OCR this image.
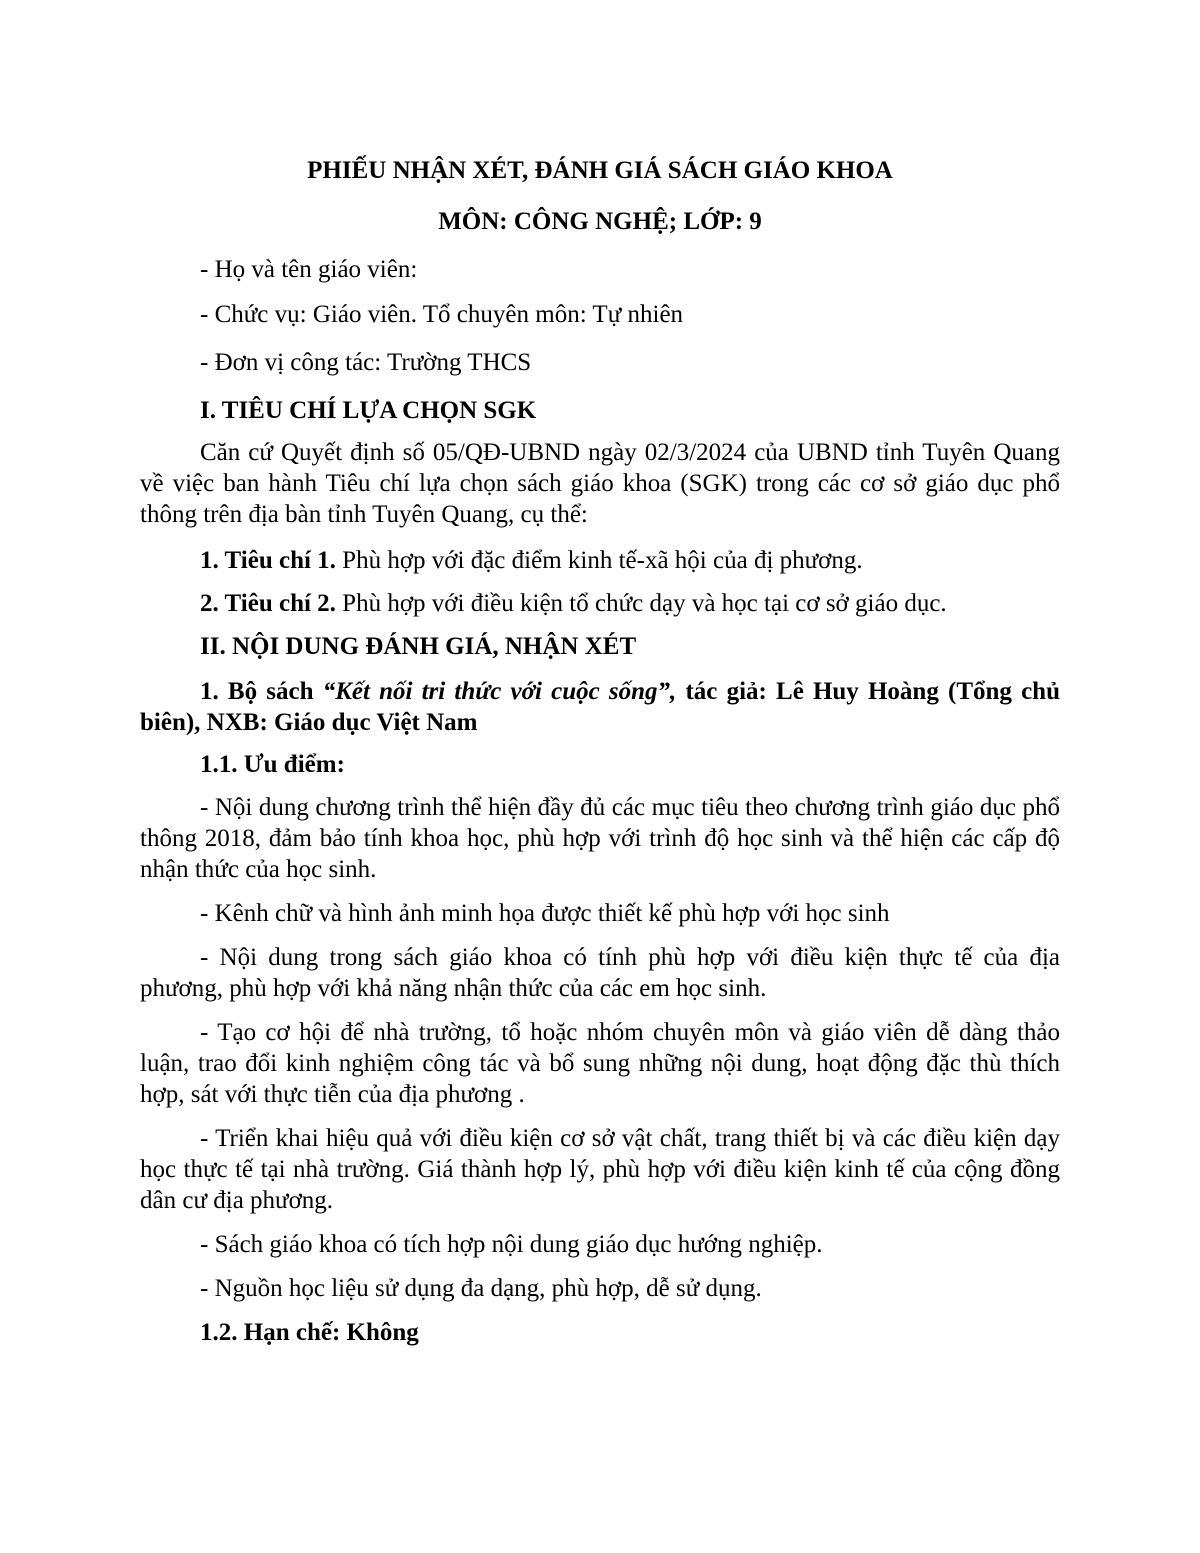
PHIẾU NHẬN XÉT, ĐÁNH GIÁ SÁCH GIÁO KHOA
MÔN: CÔNG NGHỆ; LỚP: 9
- Họ và tên giáo viên:
- Chức vụ: Giáo viên. Tổ chuyên môn: Tự nhiên
- Đơn vị công tác: Trường THCS
I. TIÊU CHÍ LỰA CHỌN SGK
Căn cứ Quyết định số 05/QĐ-UBND ngày 02/3/2024 của UBND tỉnh Tuyên Quang về việc ban hành Tiêu chí lựa chọn sách giáo khoa (SGK) trong các cơ sở giáo dục phổ thông trên địa bàn tỉnh Tuyên Quang, cụ thể:
1. Tiêu chí 1. Phù hợp với đặc điểm kinh tế-xã hội của đị phương.
2. Tiêu chí 2. Phù hợp với điều kiện tổ chức dạy và học tại cơ sở giáo dục.
II. NỘI DUNG ĐÁNH GIÁ, NHẬN XÉT
1. Bộ sách “Kết nối tri thức với cuộc sống”, tác giả: Lê Huy Hoàng (Tổng chủ biên), NXB: Giáo dục Việt Nam
1.1. Ưu điểm:
- Nội dung chương trình thể hiện đầy đủ các mục tiêu theo chương trình giáo dục phổ thông 2018, đảm bảo tính khoa học, phù hợp với trình độ học sinh và thể hiện các cấp độ nhận thức của học sinh.
- Kênh chữ và hình ảnh minh họa được thiết kế phù hợp với học sinh
- Nội dung trong sách giáo khoa có tính phù hợp với điều kiện thực tế của địa phương, phù hợp với khả năng nhận thức của các em học sinh.
- Tạo cơ hội để nhà trường, tổ hoặc nhóm chuyên môn và giáo viên dễ dàng thảo luận, trao đổi kinh nghiệm công tác và bổ sung những nội dung, hoạt động đặc thù thích hợp, sát với thực tiễn của địa phương .
- Triển khai hiệu quả với điều kiện cơ sở vật chất, trang thiết bị và các điều kiện dạy học thực tế tại nhà trường. Giá thành hợp lý, phù hợp với điều kiện kinh tế của cộng đồng dân cư địa phương.
- Sách giáo khoa có tích hợp nội dung giáo dục hướng nghiệp.
- Nguồn học liệu sử dụng đa dạng, phù hợp, dễ sử dụng.
1.2. Hạn chế: Không
